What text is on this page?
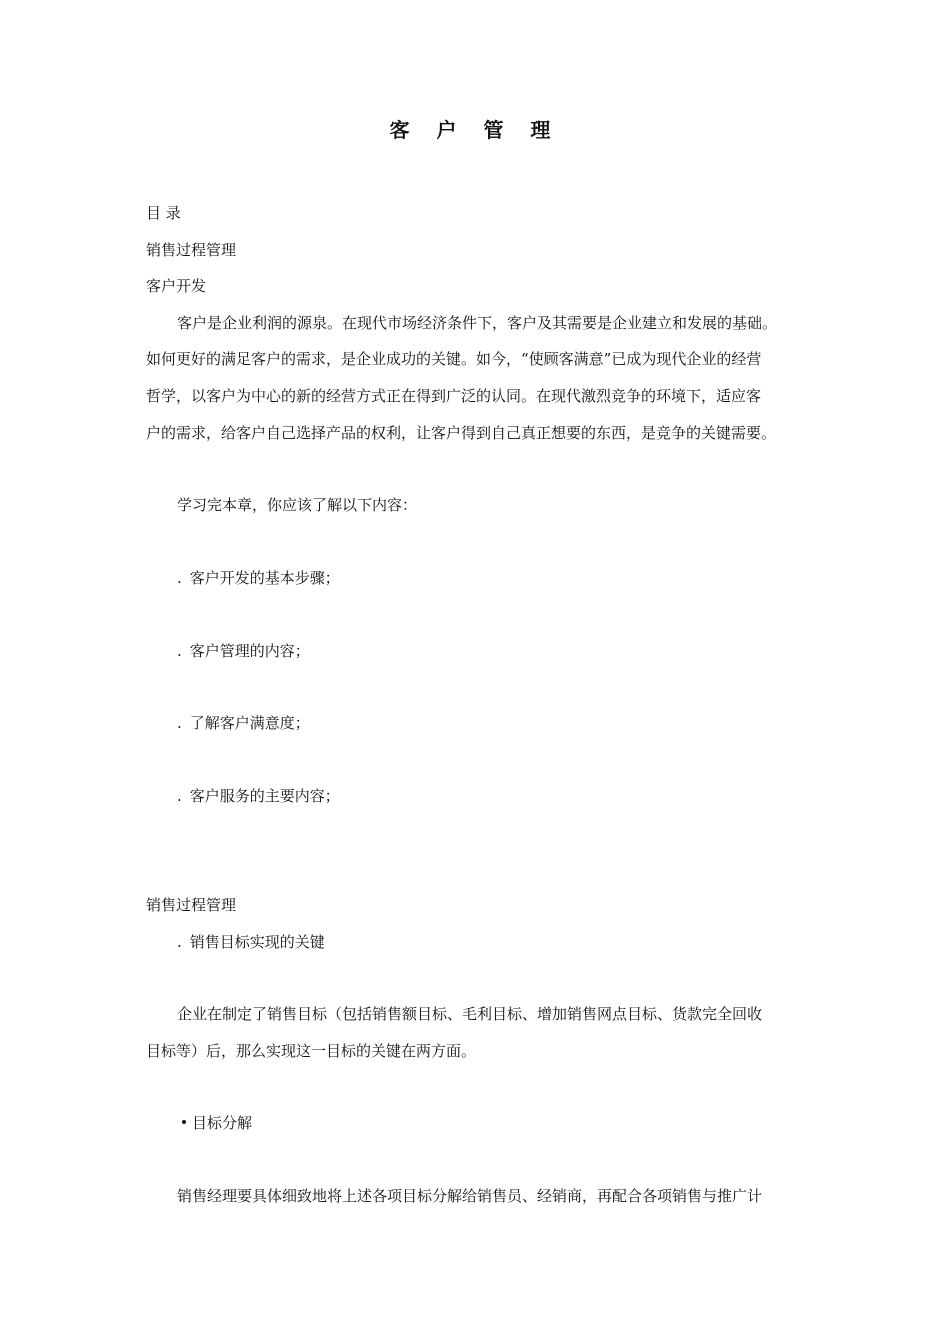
客 户 管 理
目 录
销售过程管理
客户开发
客户是企业利润的源泉。在现代市场经济条件下，客户及其需要是企业建立和发展的基础。
如何更好的满足客户的需求，是企业成功的关键。如今，“使顾客满意”已成为现代企业的经营
哲学，以客户为中心的新的经营方式正在得到广泛的认同。在现代激烈竞争的环境下，适应客
户的需求，给客户自己选择产品的权利，让客户得到自己真正想要的东西，是竞争的关键需要。
学习完本章，你应该了解以下内容：
. 客户开发的基本步骤；
. 客户管理的内容；
. 了解客户满意度；
. 客户服务的主要内容；
销售过程管理
. 销售目标实现的关键
企业在制定了销售目标（包括销售额目标、毛利目标、增加销售网点目标、货款完全回收
目标等）后，那么实现这一目标的关键在两方面。
目标分解
销售经理要具体细致地将上述各项目标分解给销售员、经销商，再配合各项销售与推广计
